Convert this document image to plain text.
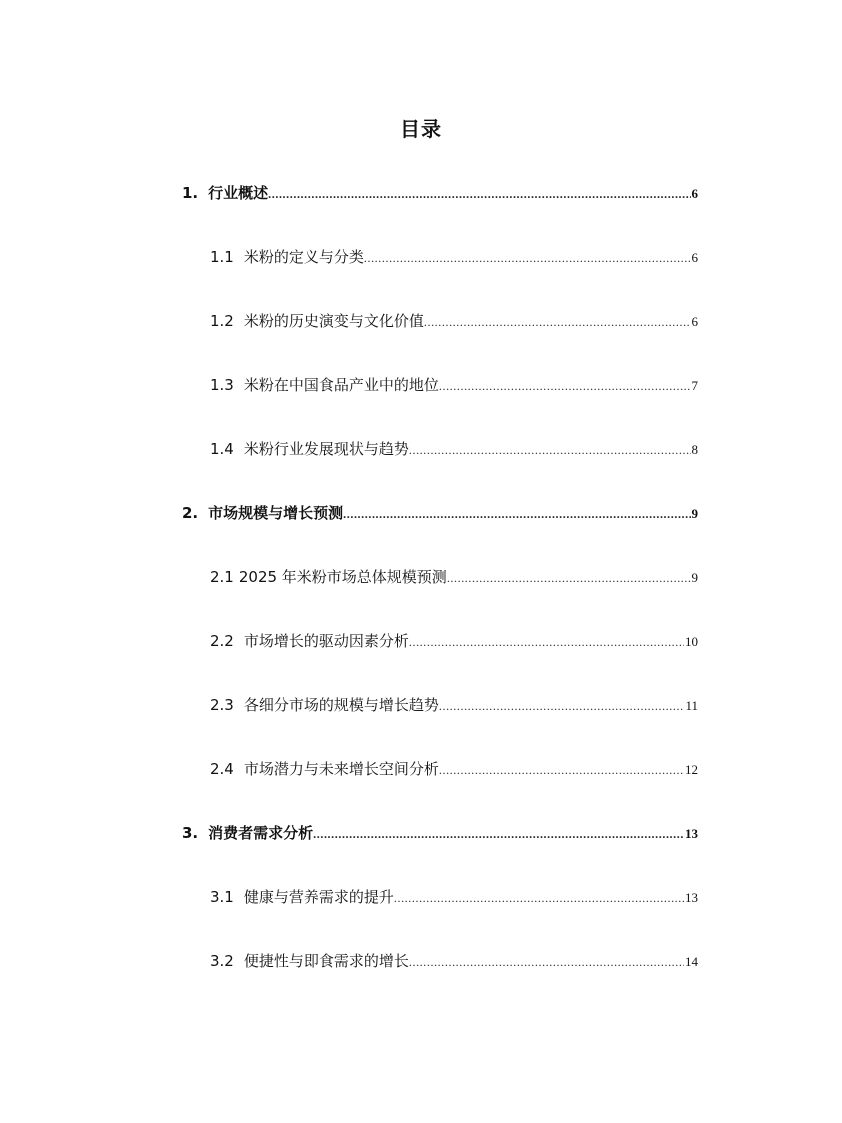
目录
1. 行业概述 .....	6
1.1 米粉的定义与分类 .....	6
1.2 米粉的历史演变与文化价值 .....	6
1.3 米粉在中国食品产业中的地位 .....	7
1.4 米粉行业发展现状与趋势 .....	8
2. 市场规模与增长预测 .....	9
2.1 2025 年米粉市场总体规模预测 .....	9
2.2 市场增长的驱动因素分析 .....	10
2.3 各细分市场的规模与增长趋势 .....	11
2.4 市场潜力与未来增长空间分析 .....	12
3. 消费者需求分析 .....	13
3.1 健康与营养需求的提升 .....	13
3.2 便捷性与即食需求的增长 .....	14
